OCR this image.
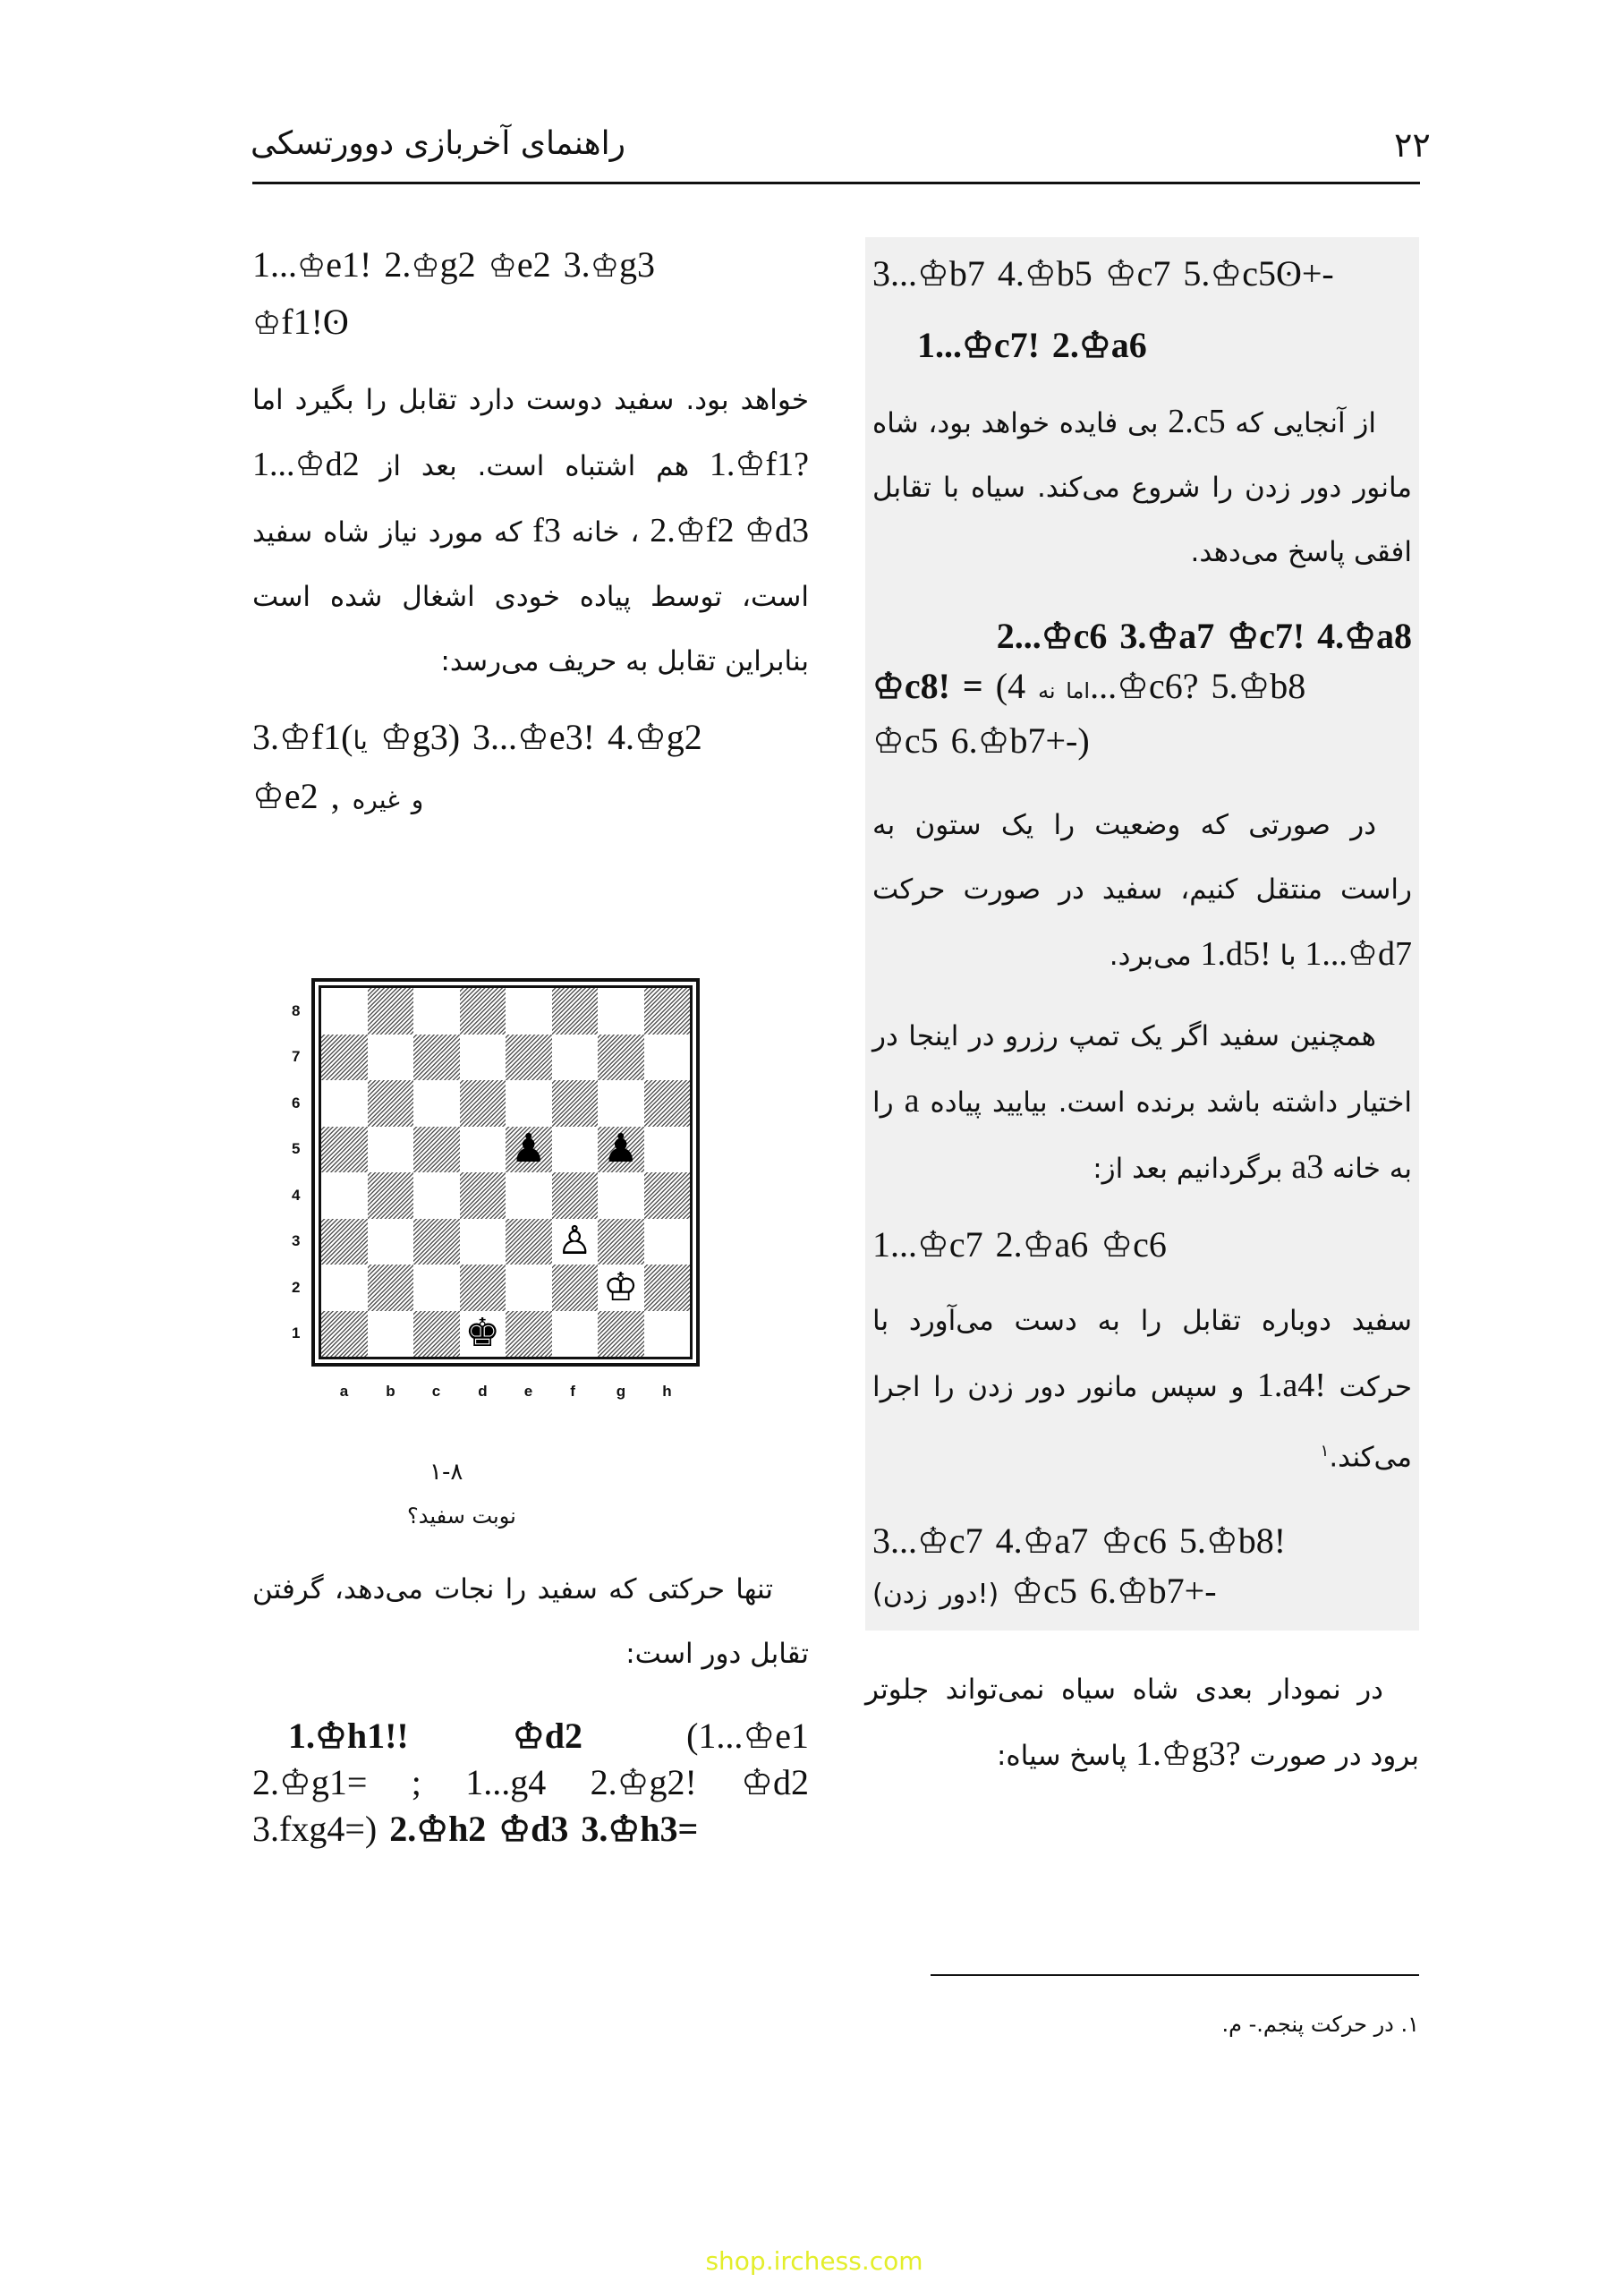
۲۲
راهنمای آخربازی دوورتسکی

1...♔e1! 2.♔g2 ♔e2 3.♔g3
♔f1!ʘ

خواهد بود. سفید دوست دارد تقابل را بگیرد اما 1.♔f1? هم اشتباه است. بعد از 1...♔d2 2.♔f2 ♔d3 ، خانه f3 که مورد نیاز شاه سفید است، توسط پیاده خودی اشغال شده است بنابراین تقابل به حریف می‌رسد:

3.♔f1(یا ♔g3) 3...♔e3! 4.♔g2
♔e2 , و غیره

♟ ♟
♙
♔
♚
8
7
6
5
4
3
2
1
a b c d e f	g h
۱-۸
نوبت سفید؟

تنها حرکتی که سفید را نجات می‌دهد، گرفتن تقابل دور است:

1.♔h1!!	♔d2	(1...♔e1

2.♔g1= ; 1...g4 2.♔g2! ♔d2

3.fxg4=) 2.♔h2 ♔d3 3.♔h3=

3...♔b7 4.♔b5 ♔c7 5.♔c5ʘ+-

1...♔c7! 2.♔a6

از آنجایی که 2.c5 بی فایده خواهد بود، شاه مانور دور زدن را شروع می‌کند. سیاه با تقابل افقی پاسخ می‌دهد.

2...♔c6 3.♔a7 ♔c7! 4.♔a8

♔c8! = ( اما نه 4...♔c6? 5.♔b8

♔c5 6.♔b7+-)

در صورتی که وضعیت را یک ستون به راست منتقل کنیم، سفید در صورت حرکت 1...♔d7 با 1.d5! می‌برد.

همچنین سفید اگر یک تمپ رزرو در اینجا در اختیار داشته باشد برنده است. بیایید پیاده a را به خانه a3 برگردانیم بعد از:

1...♔c7 2.♔a6 ♔c6

سفید دوباره تقابل را به دست می‌آورد با حرکت 1.a4! و سپس مانور دور زدن را اجرا می‌کند.$^۱$

3...♔c7 4.♔a7 ♔c6 5.♔b8!

(دور زدن!) ♔c5 6.♔b7+-

در نمودار بعدی شاه سیاه نمی‌تواند جلوتر برود در صورت 1.♔g3? پاسخ سیاه:

۱. در حرکت پنجم.- م.
shop.irchess.com
